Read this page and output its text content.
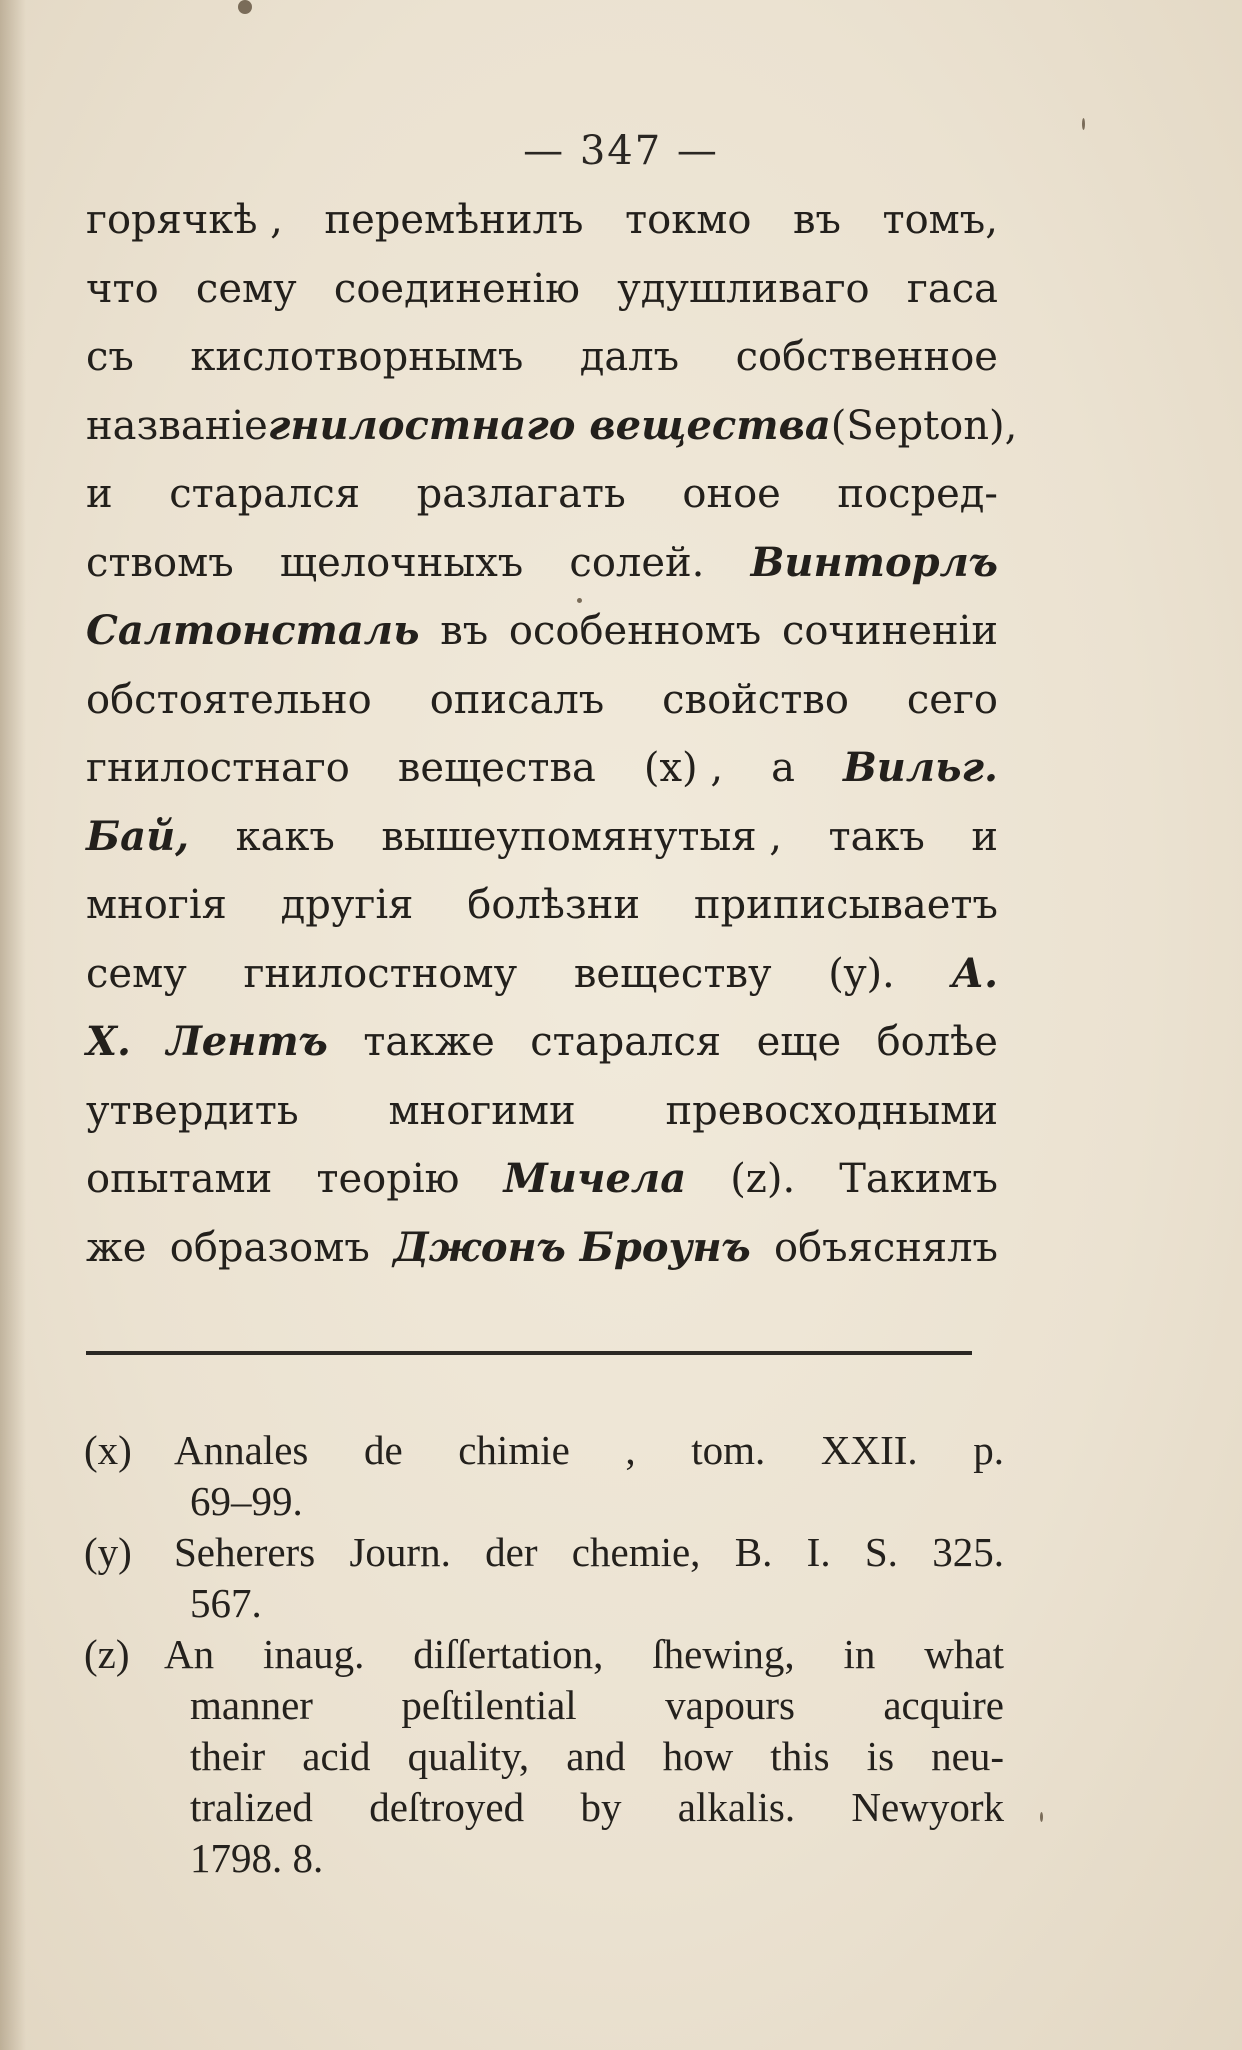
— 347 —
горячкѣ , перемѣнилъ токмо въ томъ,
что сему соединенію удушливаго гаса
съ кислотворнымъ далъ собственное
названіе гнилостнаго вещества (Septon),
и старался разлагать оное посред-
ствомъ щелочныхъ солей. Винторлъ
Салтонсталь въ особенномъ сочиненіи
обстоятельно описалъ свойство сего
гнилостнаго вещества (x) , а Вильг.
Бай, какъ вышеупомянутыя , такъ и
многія другія болѣзни приписываетъ
сему гнилостному веществу (y). А.
Х. Лентъ также старался еще болѣе
утвердить многими превосходными
опытами теорію Мичела (z). Такимъ
же образомъ Джонъ Броунъ объяснялъ
(x)	Annales de chimie , tom. XXII. p.
69–99.
(y)	Seherers Journ. der chemie, B. I. S. 325.
567.
(z) An inaug. diſſertation, ſhewing, in what
manner peſtilential vapours acquire
their acid quality, and how this is neu-
tralized deſtroyed by alkalis. Newyork
1798. 8.
